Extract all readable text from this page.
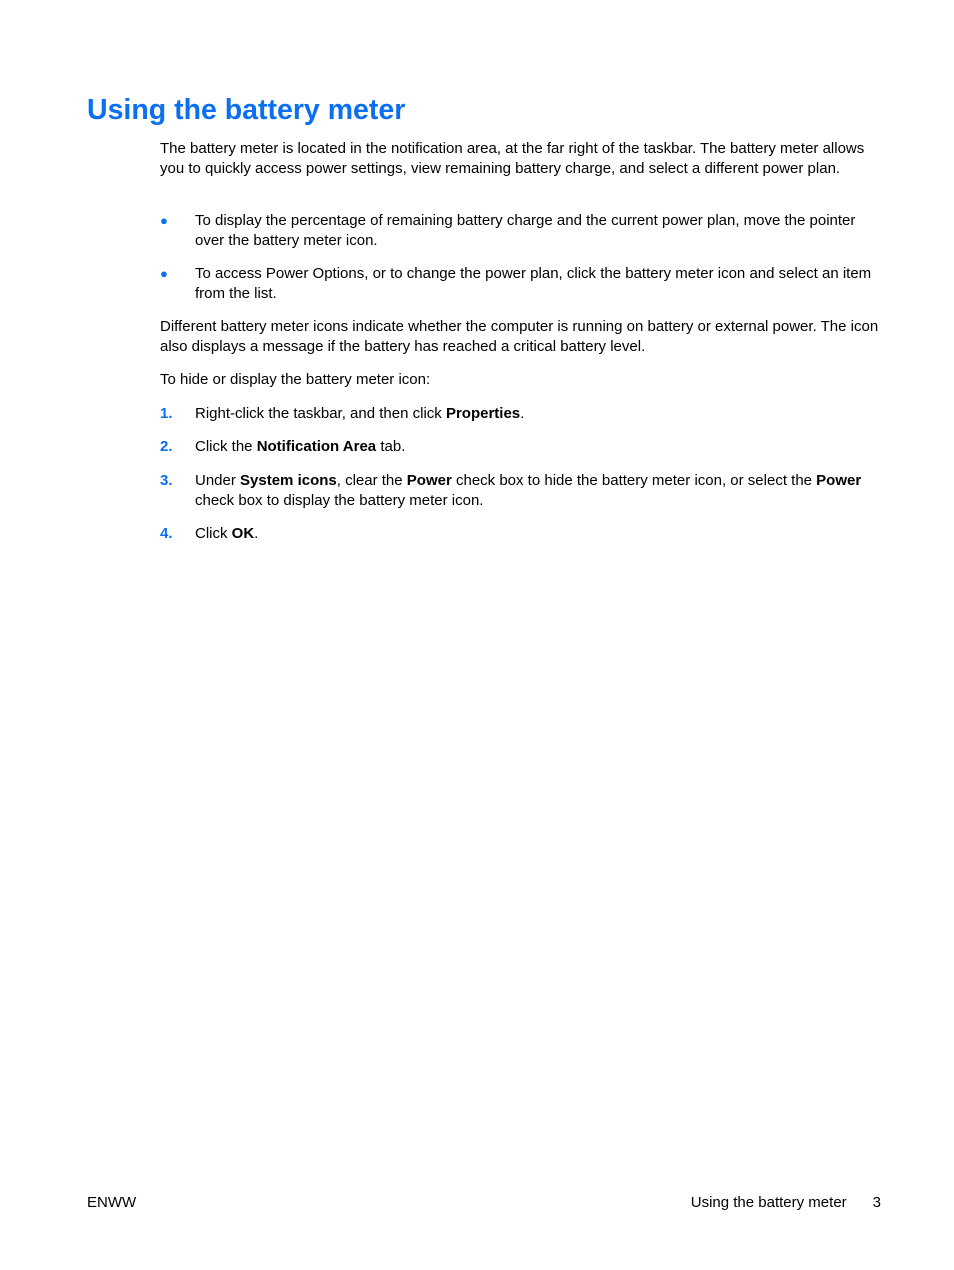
Using the battery meter

The battery meter is located in the notification area, at the far right of the taskbar. The battery meter allows you to quickly access power settings, view remaining battery charge, and select a different power plan.

●	To display the percentage of remaining battery charge and the current power plan, move the pointer over the battery meter icon.
●	To access Power Options, or to change the power plan, click the battery meter icon and select an item from the list.

Different battery meter icons indicate whether the computer is running on battery or external power. The icon also displays a message if the battery has reached a critical battery level.

To hide or display the battery meter icon:

1.	Right-click the taskbar, and then click Properties.
2.	Click the Notification Area tab.
3.	Under System icons, clear the Power check box to hide the battery meter icon, or select the Power check box to display the battery meter icon.
4.	Click OK.
ENWW	Using the battery meter 3
